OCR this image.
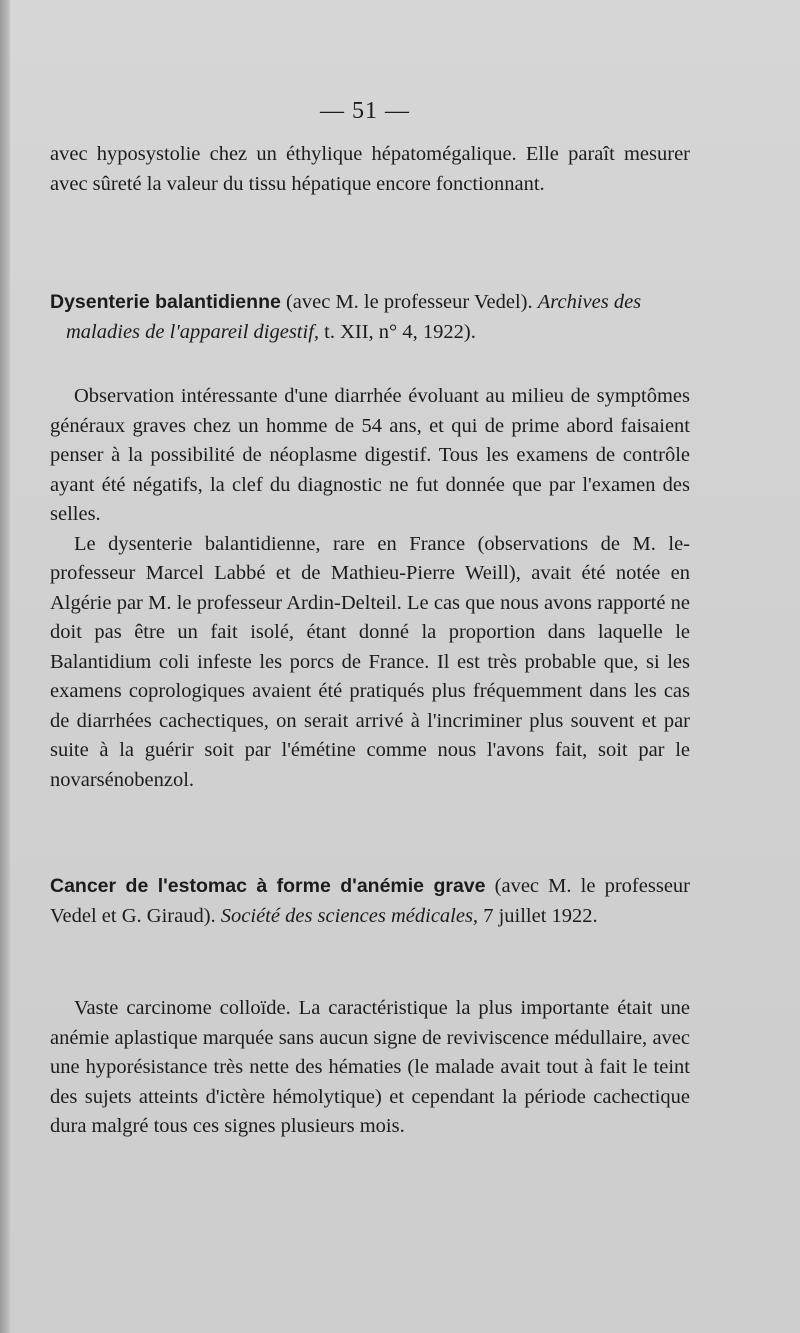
— 51 —

avec hyposystolie chez un éthylique hépatomégalique. Elle paraît mesurer avec sûreté la valeur du tissu hépatique encore fonctionnant.

Dysenterie balantidienne (avec M. le professeur Vedel). Archives des maladies de l'appareil digestif, t. XII, n° 4, 1922).

Observation intéressante d'une diarrhée évoluant au milieu de symptômes généraux graves chez un homme de 54 ans, et qui de prime abord faisaient penser à la possibilité de néoplasme digestif. Tous les examens de contrôle ayant été négatifs, la clef du diagnostic ne fut donnée que par l'examen des selles.

Le dysenterie balantidienne, rare en France (observations de M. le-professeur Marcel Labbé et de Mathieu-Pierre Weill), avait été notée en Algérie par M. le professeur Ardin-Delteil. Le cas que nous avons rapporté ne doit pas être un fait isolé, étant donné la proportion dans laquelle le Balantidium coli infeste les porcs de France. Il est très probable que, si les examens coprologiques avaient été pratiqués plus fréquemment dans les cas de diarrhées cachectiques, on serait arrivé à l'incriminer plus souvent et par suite à la guérir soit par l'émétine comme nous l'avons fait, soit par le novarsénobenzol.

Cancer de l'estomac à forme d'anémie grave (avec M. le professeur Vedel et G. Giraud). Société des sciences médicales, 7 juillet 1922.

Vaste carcinome colloïde. La caractéristique la plus importante était une anémie aplastique marquée sans aucun signe de reviviscence médullaire, avec une hyporésistance très nette des hématies (le malade avait tout à fait le teint des sujets atteints d'ictère hémolytique) et cependant la période cachectique dura malgré tous ces signes plusieurs mois.
